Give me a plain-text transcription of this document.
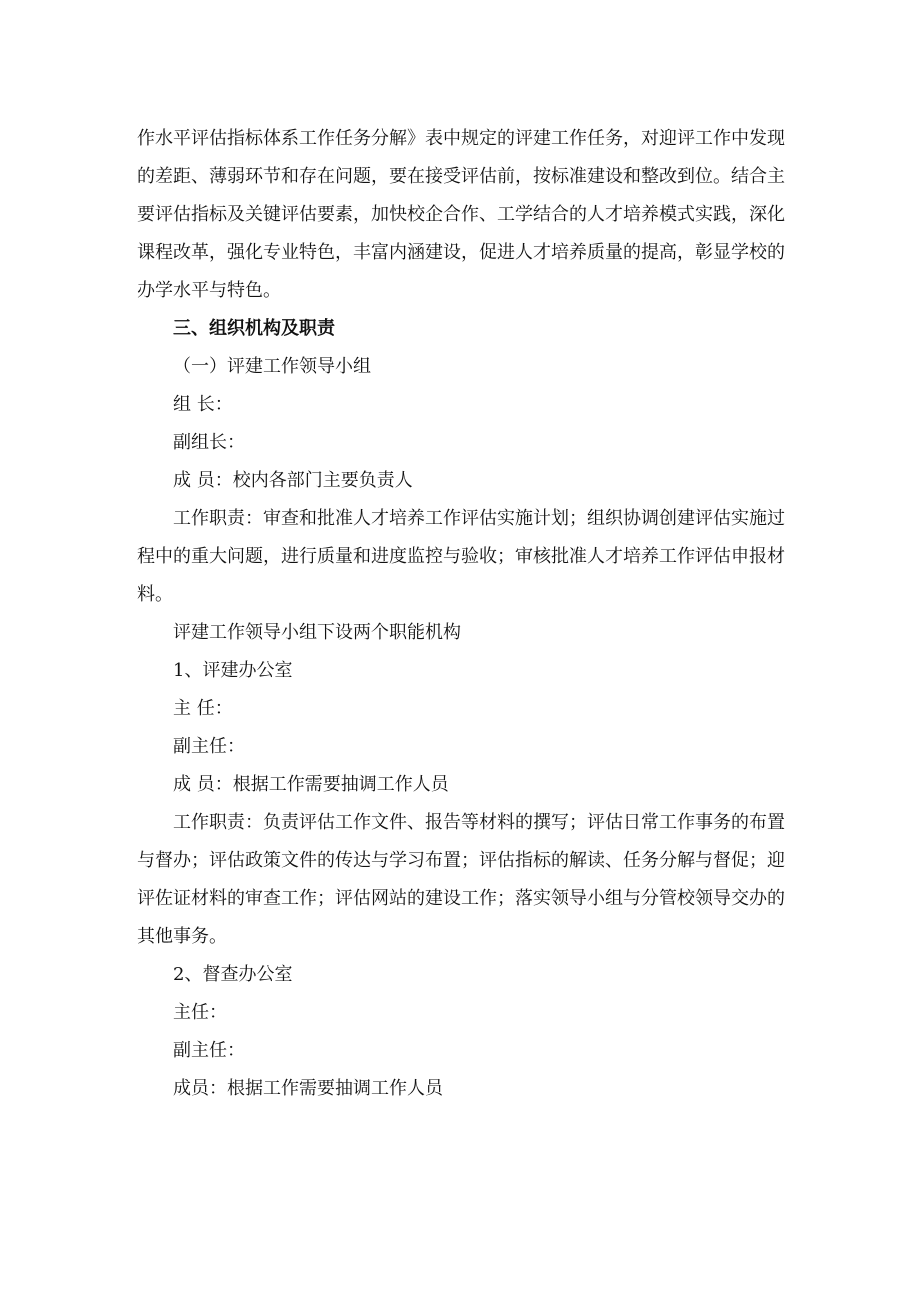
作水平评估指标体系工作任务分解》表中规定的评建工作任务，对迎评工作中发现的差距、薄弱环节和存在问题，要在接受评估前，按标准建设和整改到位。结合主要评估指标及关键评估要素，加快校企合作、工学结合的人才培养模式实践，深化课程改革，强化专业特色，丰富内涵建设，促进人才培养质量的提高，彰显学校的办学水平与特色。

三、组织机构及职责

（一）评建工作领导小组

组 长：

副组长：

成 员：校内各部门主要负责人

工作职责：审查和批准人才培养工作评估实施计划；组织协调创建评估实施过程中的重大问题，进行质量和进度监控与验收；审核批准人才培养工作评估申报材料。

评建工作领导小组下设两个职能机构

1、评建办公室

主 任：

副主任：

成 员：根据工作需要抽调工作人员

工作职责：负责评估工作文件、报告等材料的撰写；评估日常工作事务的布置与督办；评估政策文件的传达与学习布置；评估指标的解读、任务分解与督促；迎评佐证材料的审查工作；评估网站的建设工作；落实领导小组与分管校领导交办的其他事务。

2、督查办公室

主任：

副主任：

成员：根据工作需要抽调工作人员
